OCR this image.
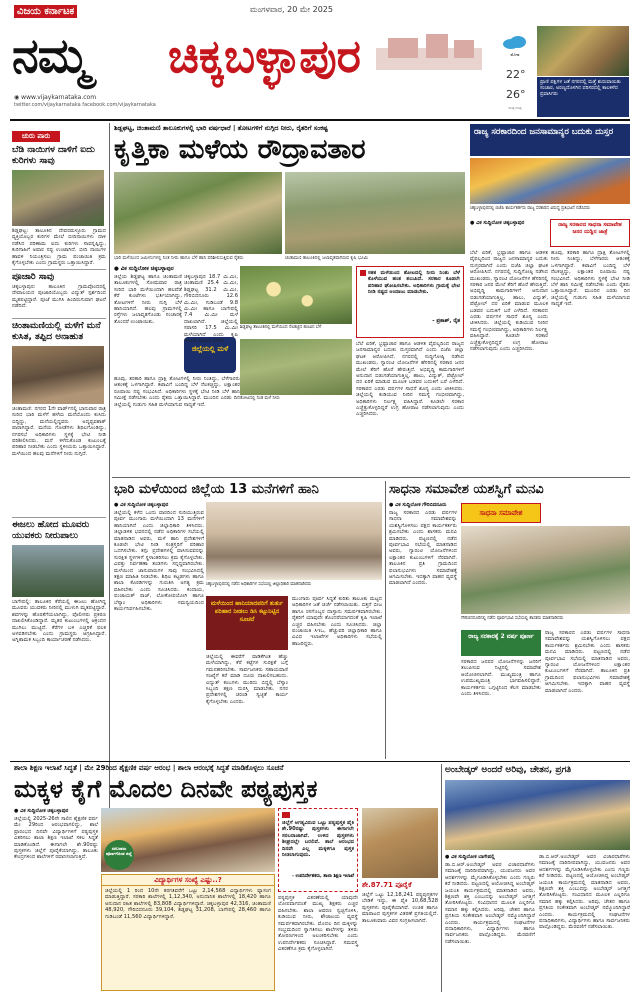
ವಿಜಯ ಕರ್ನಾಟಕ	ಮಂಗಳವಾರ, 20 ಮೇ 2025
ನಮ್ಮ ಚಿಕ್ಕಬಳ್ಳಾಪುರ
◉ www.vijaykarnataka.com
twitter.com/vijaykarnataka facebook.com/vijaykarnataka
ಮೋಡ
22°
26°
ಕನಿಷ್ಠ ಗರಿಷ್ಠ
ಪ್ರಾಣಿ ಪಕ್ಷಿಗಳ ಜತೆ ನಗರದಲ್ಲಿ ಮತ್ತೆ ಶುರುವಾಯಿತು ಸಂಚಾರ, ಅರಣ್ಯದೊಳಗಿನ ಪರಿಸರದಲ್ಲಿ ಕಾಲಕಳೆದ ಪ್ರವಾಸಿಗರು
ಚುರು ಪಾರು
ಬೆಡಿ ನಾಯಿಗಳ ದಾಳಿಗೆ ಐದು ಕುರಿಗಳು ಸಾವು
ಶಿಡ್ಲಘಟ್ಟ: ತಾಲೂಕಿನ ದೇವರಮಳ್ಳೂರು ಗ್ರಾಮದ ವ್ಯಕ್ತಿಯೊಬ್ಬರ ಕುರಿಗಳ ಮೇಲೆ ಬೀದಿನಾಯಿಗಳು ದಾಳಿ ನಡೆಸಿದ ಪರಿಣಾಮ ಐದು ಕುರಿಗಳು ಸಾವನ್ನಪ್ಪಿದ್ದು, ಕುರಿಗಾಹಿಗೆ ಅಪಾರ ನಷ್ಟ ಉಂಟಾಗಿದೆ. ಬೀದಿ ನಾಯಿಗಳ ಹಾವಳಿ ನಿಯಂತ್ರಿಸಲು ಗ್ರಾಮ ಪಂಚಾಯಿತಿ ಕ್ರಮ ಕೈಗೊಳ್ಳಬೇಕು ಎಂದು ಗ್ರಾಮಸ್ಥರು ಒತ್ತಾಯಿಸಿದ್ದಾರೆ.
ಪೂಜಾರಿ ಸಾವು
ಚಿಕ್ಕಬಳ್ಳಾಪುರ: ತಾಲೂಕಿನ ಗ್ರಾಮವೊಂದರಲ್ಲಿ ದೇವಾಲಯದ ಪೂಜಾರಿಯೊಬ್ಬರು ವಿದ್ಯುತ್ ಸ್ಪರ್ಶದಿಂದ ಮೃತಪಟ್ಟಿದ್ದಾರೆ. ಪೂಜೆ ಮುಗಿಸಿ ಹಿಂದಿರುಗುವಾಗ ಘಟನೆ ನಡೆದಿದೆ.
ಚಿಂತಾಮಣಿಯಲ್ಲಿ ಮಳೆಗೆ ಮನೆ ಕುಸಿತ, ತಪ್ಪಿದ ಅನಾಹುತ
ಚಿಂತಾಮಣಿ: ನಗರದ 1ನೇ ವಾರ್ಡ್‌ನಲ್ಲಿ ಭಾನುವಾರ ರಾತ್ರಿ ಸುರಿದ ಭಾರಿ ಮಳೆಗೆ ಹಳೆಯ ಮನೆಯೊಂದು ಕುಸಿದು ಬಿದ್ದಿದ್ದು, ಮನೆಯಲ್ಲಿದ್ದವರು ಅದೃಷ್ಟವಶಾತ್ ಪಾರಾಗಿದ್ದಾರೆ. ಮನೆಯ ಗೋಡೆಗಳು ಶಿಥಿಲಗೊಂಡಿದ್ದು, ನಗರಸಭೆ ಅಧಿಕಾರಿಗಳು ಸ್ಥಳಕ್ಕೆ ಭೇಟಿ ನೀಡಿ ಪರಿಶೀಲಿಸಿದರು. ಮನೆ ಕಳೆದುಕೊಂಡ ಕುಟುಂಬಕ್ಕೆ ಪರಿಹಾರ ನೀಡಬೇಕು ಎಂದು ಸ್ಥಳೀಯರು ಒತ್ತಾಯಿಸಿದ್ದಾರೆ. ಮಳೆಯಿಂದ ಹಲವು ಮನೆಗಳಿಗೆ ನೀರು ನುಗ್ಗಿದೆ.
ಈಜಲು ಹೋದ ಮೂವರು ಯುವಕರು ನೀರುಪಾಲು
ಬಾಗೇಪಲ್ಲಿ: ತಾಲೂಕಿನ ಕೆರೆಯಲ್ಲಿ ಈಜಲು ಹೋಗಿದ್ದ ಮೂವರು ಯುವಕರು ನೀರಿನಲ್ಲಿ ಮುಳುಗಿ ಮೃತಪಟ್ಟಿದ್ದಾರೆ. ಶವಗಳನ್ನು ಹೊರತೆಗೆಯಲಾಗಿದ್ದು, ಪೊಲೀಸರು ಪ್ರಕರಣ ದಾಖಲಿಸಿಕೊಂಡಿದ್ದಾರೆ. ಮೃತರ ಕುಟುಂಬಗಳಲ್ಲಿ ಆಕ್ರಂದನ ಮುಗಿಲು ಮುಟ್ಟಿದೆ. ಕೆರೆಗಳ ಬಳಿ ಎಚ್ಚರಿಕೆ ಫಲಕ ಅಳವಡಿಸಬೇಕು ಎಂದು ಗ್ರಾಮಸ್ಥರು ಆಗ್ರಹಿಸಿದ್ದಾರೆ. ಅಗ್ನಿಶಾಮಕ ಸಿಬ್ಬಂದಿ ಕಾರ್ಯಾಚರಣೆ ನಡೆಸಿದರು.
ಶಿಡ್ಲಘಟ್ಟ, ಚಿಂತಾಮಣಿ ತಾಲೂಕುಗಳಲ್ಲಿ ಭಾರಿ ವರ್ಷಧಾರೆ | ತೋಟಗಳಿಗೆ ನುಗ್ಗಿದ ನೀರು, ರೈತರಿಗೆ ಸಂಕಷ್ಟ
ಕೃತ್ತಿಕಾ ಮಳೆಯ ರೌದ್ರಾವತಾರ
ಭಾರಿ ಮಳೆಯಿಂದ ಜಮೀನುಗಳಲ್ಲಿ ನಿಂತ ನೀರು ಹಾಗೂ ಬೆಳೆ ಹಾನಿ ಪರಿಶೀಲಿಸುತ್ತಿರುವ ರೈತರು	ಚಿಂತಾಮಣಿ ತಾಲೂಕಿನಲ್ಲಿ ಜಲಾವೃತವಾಗಿರುವ ಕೃಷಿ ಭೂಮಿ
● ವಿಕ ಸುದ್ದಿಲೋಕ ಚಿಕ್ಕಬಳ್ಳಾಪುರ
ಜಿಲ್ಲೆಯ ಶಿಡ್ಲಘಟ್ಟ ಹಾಗೂ ಚಿಂತಾಮಣಿ ತಾಲೂಕುಗಳಲ್ಲಿ ಸೋಮವಾರ ರಾತ್ರಿ ಸುರಿದ ಭಾರಿ ಮಳೆಯಿಂದಾಗಿ ಹಲವೆಡೆ ಕೆರೆ ಕುಂಟೆಗಳು ಭರ್ತಿಯಾಗಿದ್ದು, ತೋಟಗಳಿಗೆ ನೀರು ನುಗ್ಗಿ ಬೆಳೆ ಹಾನಿಯಾಗಿದೆ. ಹಲವು ಗ್ರಾಮಗಳಲ್ಲಿ ರಸ್ತೆಗಳು ಜಲಾವೃತಗೊಂಡು ಸಂಚಾರಕ್ಕೆ ತೊಂದರೆ ಉಂಟಾಯಿತು.
ಜಿಲ್ಲೆಯಲ್ಲಿ ಮಳೆ
ಚಿಕ್ಕಬಳ್ಳಾಪುರ 18.7 ಮಿ.ಮೀ, ಚಿಂತಾಮಣಿ 25.4 ಮಿ.ಮೀ, ಶಿಡ್ಲಘಟ್ಟ 31.2 ಮಿ.ಮೀ, ಗೌರಿಬಿದನೂರು 12.6 ಮಿ.ಮೀ, ಗುಡಿಬಂಡೆ 9.8 ಮಿ.ಮೀ ಹಾಗೂ ಬಾಗೇಪಲ್ಲಿ 7.4 ಮಿ.ಮೀ ಮಳೆ ದಾಖಲಾಗಿದೆ. ಜಿಲ್ಲೆಯಲ್ಲಿ ಸರಾಸರಿ 17.5 ಮಿ.ಮೀ ಮಳೆಯಾಗಿದೆ ಎಂದು ಕೃಷಿ ಇಲಾಖೆ ಮಾಹಿತಿ ನೀಡಿದೆ.
ಹೂವು, ತರಕಾರಿ ಹಾಗೂ ದ್ರಾಕ್ಷಿ ತೋಟಗಳಲ್ಲಿ ನೀರು ನಿಂತಿದ್ದು, ಬೆಳೆಗಾರರು ಆತಂಕಕ್ಕೆ ಒಳಗಾಗಿದ್ದಾರೆ. ಕಟಾವಿಗೆ ಬಂದಿದ್ದ ಬೆಳೆ ನೆಲಕಚ್ಚಿದ್ದು, ಲಕ್ಷಾಂತರ ರೂಪಾಯಿ ನಷ್ಟ ಸಂಭವಿಸಿದೆ. ಅಧಿಕಾರಿಗಳು ಸ್ಥಳಕ್ಕೆ ಭೇಟಿ ನೀಡಿ ಬೆಳೆ ಹಾನಿ ಸಮೀಕ್ಷೆ ನಡೆಸಬೇಕು ಎಂದು ರೈತರು ಒತ್ತಾಯಿಸಿದ್ದಾರೆ. ಮುಂದಿನ ಎರಡು ದಿನ ಜಿಲ್ಲೆಯಲ್ಲಿ ಗುಡುಗು ಸಹಿತ ಮಳೆಯಾಗುವ ಸಾಧ್ಯತೆ ಇದೆ.
ಶಿಡ್ಲಘಟ್ಟ ತಾಲೂಕಿನಲ್ಲಿ ಮಳೆಯಿಂದ ನೆಲಕಚ್ಚಿದ ಹೂವಿನ ಬೆಳೆ
ತೋಟದಲ್ಲಿ ನಿಂತ ಮಳೆ ನೀರು
ಸತತ ಮಳೆಯಿಂದ ತೋಟದಲ್ಲಿ ನೀರು ನಿಂತು ಬೆಳೆ ಕೊಳೆಯುವ ಹಂತ ತಲುಪಿದೆ. ಸರಕಾರ ಕೂಡಲೇ ಪರಿಹಾರ ಘೋಷಿಸಬೇಕು. ಅಧಿಕಾರಿಗಳು ಗ್ರಾಮಕ್ಕೆ ಭೇಟಿ ನೀಡಿ ನಷ್ಟದ ಅಂದಾಜು ಮಾಡಬೇಕು.
- ಪ್ರಕಾಶ್, ರೈತ
ಬೆಲೆ ಏರಿಕೆ, ಭ್ರಷ್ಟಾಚಾರ ಹಾಗೂ ಆಡಳಿತ ವೈಫಲ್ಯದಿಂದ ರಾಜ್ಯದ ಜನಸಾಮಾನ್ಯರ ಬದುಕು ದುಸ್ತರವಾಗಿದೆ ಎಂದು ಬಿಜೆಪಿ ಜಿಲ್ಲಾ ಘಟಕ ಆರೋಪಿಸಿದೆ. ನಗರದಲ್ಲಿ ಸುದ್ದಿಗೋಷ್ಠಿ ನಡೆಸಿದ ಮುಖಂಡರು, ಗ್ಯಾರಂಟಿ ಯೋಜನೆಗಳ ಹೆಸರಿನಲ್ಲಿ ಸರಕಾರ ಜನರ ಮೇಲೆ ತೆರಿಗೆ ಹೊರೆ ಹೇರುತ್ತಿದೆ. ಅಭಿವೃದ್ಧಿ ಕಾಮಗಾರಿಗಳಿಗೆ ಅನುದಾನ ಬಿಡುಗಡೆಯಾಗುತ್ತಿಲ್ಲ. ಹಾಲು, ವಿದ್ಯುತ್, ಪೆಟ್ರೋಲ್ ದರ ಏರಿಕೆ ಮಾಡುವ ಮೂಲಕ ಬಡವರ ಬದುಕಿಗೆ ಬರೆ ಎಳೆದಿದೆ. ಸರಕಾರದ ಎರಡು ವರ್ಷಗಳ ಸಾಧನೆ ಶೂನ್ಯ ಎಂದು ಟೀಕಿಸಿದರು. ಜಿಲ್ಲೆಯಲ್ಲಿ ಕುಡಿಯುವ ನೀರಿನ ಸಮಸ್ಯೆ ಗಂಭೀರವಾಗಿದ್ದು, ಅಧಿಕಾರಿಗಳು ನಿರ್ಲಕ್ಷ್ಯ ವಹಿಸಿದ್ದಾರೆ. ಕೂಡಲೇ ಸರಕಾರ ಎಚ್ಚೆತ್ತುಕೊಳ್ಳದಿದ್ದರೆ ಉಗ್ರ ಹೋರಾಟ ನಡೆಸಲಾಗುವುದು ಎಂದು ಎಚ್ಚರಿಸಿದರು.
ರಾಜ್ಯ ಸರಕಾರದಿಂದ ಜನಸಾಮಾನ್ಯರ ಬದುಕು ದುಸ್ತರ
ಚಿಕ್ಕಬಳ್ಳಾಪುರದಲ್ಲಿ ಬಿಜೆಪಿ ಕಾರ್ಯಕರ್ತರು ರಾಜ್ಯ ಸರಕಾರದ ವಿರುದ್ಧ ಪ್ರತಿಭಟನೆ ನಡೆಸಿದರು
● ವಿಕ ಸುದ್ದಿಲೋಕ ಚಿಕ್ಕಬಳ್ಳಾಪುರ	ರಾಜ್ಯ ಸರಕಾರದ ಸಾಧನಾ ಸಮಾವೇಶ ಜನರ ದುಡ್ಡಿನ ಜಾತ್ರೆ
ಬೆಲೆ ಏರಿಕೆ, ಭ್ರಷ್ಟಾಚಾರ ಹಾಗೂ ಆಡಳಿತ ವೈಫಲ್ಯದಿಂದ ರಾಜ್ಯದ ಜನಸಾಮಾನ್ಯರ ಬದುಕು ದುಸ್ತರವಾಗಿದೆ ಎಂದು ಬಿಜೆಪಿ ಜಿಲ್ಲಾ ಘಟಕ ಆರೋಪಿಸಿದೆ. ನಗರದಲ್ಲಿ ಸುದ್ದಿಗೋಷ್ಠಿ ನಡೆಸಿದ ಮುಖಂಡರು, ಗ್ಯಾರಂಟಿ ಯೋಜನೆಗಳ ಹೆಸರಿನಲ್ಲಿ ಸರಕಾರ ಜನರ ಮೇಲೆ ತೆರಿಗೆ ಹೊರೆ ಹೇರುತ್ತಿದೆ. ಅಭಿವೃದ್ಧಿ ಕಾಮಗಾರಿಗಳಿಗೆ ಅನುದಾನ ಬಿಡುಗಡೆಯಾಗುತ್ತಿಲ್ಲ. ಹಾಲು, ವಿದ್ಯುತ್, ಪೆಟ್ರೋಲ್ ದರ ಏರಿಕೆ ಮಾಡುವ ಮೂಲಕ ಬಡವರ ಬದುಕಿಗೆ ಬರೆ ಎಳೆದಿದೆ. ಸರಕಾರದ ಎರಡು ವರ್ಷಗಳ ಸಾಧನೆ ಶೂನ್ಯ ಎಂದು ಟೀಕಿಸಿದರು. ಜಿಲ್ಲೆಯಲ್ಲಿ ಕುಡಿಯುವ ನೀರಿನ ಸಮಸ್ಯೆ ಗಂಭೀರವಾಗಿದ್ದು, ಅಧಿಕಾರಿಗಳು ನಿರ್ಲಕ್ಷ್ಯ ವಹಿಸಿದ್ದಾರೆ. ಕೂಡಲೇ ಸರಕಾರ ಎಚ್ಚೆತ್ತುಕೊಳ್ಳದಿದ್ದರೆ ಉಗ್ರ ಹೋರಾಟ ನಡೆಸಲಾಗುವುದು ಎಂದು ಎಚ್ಚರಿಸಿದರು.
ಹೂವು, ತರಕಾರಿ ಹಾಗೂ ದ್ರಾಕ್ಷಿ ತೋಟಗಳಲ್ಲಿ ನೀರು ನಿಂತಿದ್ದು, ಬೆಳೆಗಾರರು ಆತಂಕಕ್ಕೆ ಒಳಗಾಗಿದ್ದಾರೆ. ಕಟಾವಿಗೆ ಬಂದಿದ್ದ ಬೆಳೆ ನೆಲಕಚ್ಚಿದ್ದು, ಲಕ್ಷಾಂತರ ರೂಪಾಯಿ ನಷ್ಟ ಸಂಭವಿಸಿದೆ. ಅಧಿಕಾರಿಗಳು ಸ್ಥಳಕ್ಕೆ ಭೇಟಿ ನೀಡಿ ಬೆಳೆ ಹಾನಿ ಸಮೀಕ್ಷೆ ನಡೆಸಬೇಕು ಎಂದು ರೈತರು ಒತ್ತಾಯಿಸಿದ್ದಾರೆ. ಮುಂದಿನ ಎರಡು ದಿನ ಜಿಲ್ಲೆಯಲ್ಲಿ ಗುಡುಗು ಸಹಿತ ಮಳೆಯಾಗುವ ಸಾಧ್ಯತೆ ಇದೆ.
ಭಾರಿ ಮಳೆಯಿಂದ ಜಿಲ್ಲೆಯ 13 ಮನೆಗಳಿಗೆ ಹಾನಿ
● ವಿಕ ಸುದ್ದಿಲೋಕ ಚಿಕ್ಕಬಳ್ಳಾಪುರ
ಜಿಲ್ಲೆಯಲ್ಲಿ ಕಳೆದ ಒಂದು ವಾರದಿಂದ ಸುರಿಯುತ್ತಿರುವ ಪೂರ್ವ ಮುಂಗಾರು ಮಳೆಯಿಂದಾಗಿ 13 ಮನೆಗಳಿಗೆ ಹಾನಿಯಾಗಿದೆ ಎಂದು ಜಿಲ್ಲಾಧಿಕಾರಿ ತಿಳಿಸಿದರು. ಜಿಲ್ಲಾಡಳಿತ ಭವನದಲ್ಲಿ ನಡೆದ ಅಧಿಕಾರಿಗಳ ಸಭೆಯಲ್ಲಿ ಮಾತನಾಡಿದ ಅವರು, ಮಳೆ ಹಾನಿ ಪ್ರದೇಶಗಳಿಗೆ ಕೂಡಲೇ ಭೇಟಿ ನೀಡಿ ಸಂತ್ರಸ್ತರಿಗೆ ಪರಿಹಾರ ಒದಗಿಸಬೇಕು. ತಗ್ಗು ಪ್ರದೇಶಗಳಲ್ಲಿ ವಾಸಿಸುವವರನ್ನು ಸುರಕ್ಷಿತ ಸ್ಥಳಗಳಿಗೆ ಸ್ಥಳಾಂತರಿಸಲು ಕ್ರಮ ಕೈಗೊಳ್ಳಬೇಕು. ವಿಪತ್ತು ನಿರ್ವಹಣಾ ತಂಡಗಳು ಸನ್ನದ್ಧವಾಗಿರಬೇಕು. ಮಳೆಯಿಂದ ಜಾನುವಾರುಗಳ ಸಾವು ಸಂಭವಿಸಿದಲ್ಲಿ ತಕ್ಷಣ ಮಾಹಿತಿ ನೀಡಬೇಕು. ಶಿಥಿಲ ಕಟ್ಟಡಗಳು ಹಾಗೂ ಶಾಲಾ ಕೊಠಡಿಗಳನ್ನು ಗುರುತಿಸಿ ಅಗತ್ಯ ಕ್ರಮ ವಹಿಸಬೇಕು ಎಂದು ಸೂಚಿಸಿದರು. ಕಂದಾಯ, ಪಂಚಾಯತ್ ರಾಜ್, ಲೋಕೋಪಯೋಗಿ ಹಾಗೂ ಬೆಸ್ಕಾಂ ಅಧಿಕಾರಿಗಳು ಸಮನ್ವಯದಿಂದ ಕಾರ್ಯನಿರ್ವಹಿಸಬೇಕು.
ಚಿಕ್ಕಬಳ್ಳಾಪುರದಲ್ಲಿ ನಡೆದ ಅಧಿಕಾರಿಗಳ ಸಭೆಯಲ್ಲಿ ಜಿಲ್ಲಾಧಿಕಾರಿ ಮಾತನಾಡಿದರು
ಮಳೆಯಿಂದ ಹಾನಿಯಾದವರಿಗೆ ತುರ್ತು ಪರಿಹಾರ ನೀಡಲು ಡಿಸಿ ಕಟ್ಟುನಿಟ್ಟಿನ ಸೂಚನೆ
ಜಿಲ್ಲೆಯಲ್ಲಿ ಈವರೆಗೆ ವಾಡಿಕೆಗಿಂತ ಹೆಚ್ಚು ಮಳೆಯಾಗಿದ್ದು, ಕೆರೆ ಕಟ್ಟೆಗಳ ಸುರಕ್ಷತೆ ಬಗ್ಗೆ ಗಮನಹರಿಸಬೇಕು. ಸಾರ್ವಜನಿಕರು ಸಹಾಯವಾಣಿ ಸಂಖ್ಯೆಗೆ ಕರೆ ಮಾಡಿ ದೂರು ದಾಖಲಿಸಬಹುದು. ವಿದ್ಯುತ್ ಕಂಬಗಳು ಮುರಿದು ಬಿದ್ದಲ್ಲಿ ಬೆಸ್ಕಾಂ ಸಿಬ್ಬಂದಿ ತಕ್ಷಣ ದುರಸ್ತಿ ಮಾಡಬೇಕು. ನಗರ ಪ್ರದೇಶಗಳಲ್ಲಿ ಚರಂಡಿ ಸ್ವಚ್ಛತೆ ಕಾರ್ಯ ಕೈಗೊಳ್ಳಬೇಕು ಎಂದರು.
ಮುಂಗಾರು ಪೂರ್ವ ಸಿದ್ಧತೆ ಕುರಿತು ತಾಲೂಕು ಮಟ್ಟದ ಅಧಿಕಾರಿಗಳ ಜತೆ ಚರ್ಚೆ ನಡೆಸಲಾಯಿತು. ಬಿತ್ತನೆ ಬೀಜ ಹಾಗೂ ರಸಗೊಬ್ಬರ ದಾಸ್ತಾನು ಸಮರ್ಪಕವಾಗಿರಬೇಕು. ರೈತರಿಗೆ ಯಾವುದೇ ತೊಂದರೆಯಾಗದಂತೆ ಕೃಷಿ ಇಲಾಖೆ ಎಚ್ಚರ ವಹಿಸಬೇಕು ಎಂದು ಸೂಚಿಸಿದರು. ಜಿಲ್ಲಾ ಪಂಚಾಯಿತಿ ಸಿಇಒ, ಹೆಚ್ಚುವರಿ ಜಿಲ್ಲಾಧಿಕಾರಿ ಹಾಗೂ ವಿವಿಧ ಇಲಾಖೆಗಳ ಅಧಿಕಾರಿಗಳು ಸಭೆಯಲ್ಲಿ ಹಾಜರಿದ್ದರು.
ಸಾಧನಾ ಸಮಾವೇಶ ಯಶಸ್ವಿಗೆ ಮನವಿ
● ವಿಕ ಸುದ್ದಿಲೋಕ ಗೌರಿಬಿದನೂರು
ರಾಜ್ಯ ಸರಕಾರದ ಎರಡು ವರ್ಷಗಳ ಸಾಧನಾ ಸಮಾವೇಶವನ್ನು ಯಶಸ್ವಿಗೊಳಿಸಲು ಪಕ್ಷದ ಕಾರ್ಯಕರ್ತರು ಶ್ರಮಿಸಬೇಕು ಎಂದು ಶಾಸಕರು ಮನವಿ ಮಾಡಿದರು. ಪಟ್ಟಣದಲ್ಲಿ ನಡೆದ ಪೂರ್ವಭಾವಿ ಸಭೆಯಲ್ಲಿ ಮಾತನಾಡಿದ ಅವರು, ಗ್ಯಾರಂಟಿ ಯೋಜನೆಗಳಿಂದ ಲಕ್ಷಾಂತರ ಕುಟುಂಬಗಳಿಗೆ ನೆರವಾಗಿದೆ. ತಾಲೂಕಿನ ಪ್ರತಿ ಗ್ರಾಮದಿಂದ ಫಲಾನುಭವಿಗಳು ಸಮಾವೇಶಕ್ಕೆ ಆಗಮಿಸಬೇಕು. ಇದಕ್ಕಾಗಿ ವಾಹನ ವ್ಯವಸ್ಥೆ ಮಾಡಲಾಗಿದೆ ಎಂದರು.
ಸಾಧನಾ ಸಮಾವೇಶ
ಗೌರಿಬಿದನೂರಿನಲ್ಲಿ ನಡೆದ ಪೂರ್ವಭಾವಿ ಸಭೆಯಲ್ಲಿ ಶಾಸಕರು ಮಾತನಾಡಿದರು
ರಾಜ್ಯ ಸರಕಾರಕ್ಕೆ 2 ವರ್ಷ ಪೂರ್ಣ
ಸರಕಾರದ ಜನಪರ ಯೋಜನೆಗಳನ್ನು ಜನರಿಗೆ ತಲುಪಿಸುವ ನಿಟ್ಟಿನಲ್ಲಿ ಸಮಾವೇಶ ಆಯೋಜಿಸಲಾಗಿದೆ. ಮುಖ್ಯಮಂತ್ರಿ ಹಾಗೂ ಉಪಮುಖ್ಯಮಂತ್ರಿ ಭಾಗವಹಿಸಲಿದ್ದಾರೆ. ಕಾರ್ಯಕರ್ತರು ಒಗ್ಗಟ್ಟಿನಿಂದ ಕೆಲಸ ಮಾಡಬೇಕು ಎಂದು ತಿಳಿಸಿದರು.
ರಾಜ್ಯ ಸರಕಾರದ ಎರಡು ವರ್ಷಗಳ ಸಾಧನಾ ಸಮಾವೇಶವನ್ನು ಯಶಸ್ವಿಗೊಳಿಸಲು ಪಕ್ಷದ ಕಾರ್ಯಕರ್ತರು ಶ್ರಮಿಸಬೇಕು ಎಂದು ಶಾಸಕರು ಮನವಿ ಮಾಡಿದರು. ಪಟ್ಟಣದಲ್ಲಿ ನಡೆದ ಪೂರ್ವಭಾವಿ ಸಭೆಯಲ್ಲಿ ಮಾತನಾಡಿದ ಅವರು, ಗ್ಯಾರಂಟಿ ಯೋಜನೆಗಳಿಂದ ಲಕ್ಷಾಂತರ ಕುಟುಂಬಗಳಿಗೆ ನೆರವಾಗಿದೆ. ತಾಲೂಕಿನ ಪ್ರತಿ ಗ್ರಾಮದಿಂದ ಫಲಾನುಭವಿಗಳು ಸಮಾವೇಶಕ್ಕೆ ಆಗಮಿಸಬೇಕು. ಇದಕ್ಕಾಗಿ ವಾಹನ ವ್ಯವಸ್ಥೆ ಮಾಡಲಾಗಿದೆ ಎಂದರು.
ಶಾಲಾ ಶಿಕ್ಷಣ ಇಲಾಖೆ ಸಿದ್ಧತೆ | ಮೇ 29ರಿಂದ ಶೈಕ್ಷಣಿಕ ವರ್ಷ ಆರಂಭ | ಶಾಲಾ ಆರಂಭಕ್ಕೆ ಸಿದ್ಧತೆ ಮಾಡಿಕೊಳ್ಳಲು ಸೂಚನೆ
ಮಕ್ಕಳ ಕೈಗೆ ಮೊದಲ ದಿನವೇ ಪಠ್ಯಪುಸ್ತಕ
● ವಿಕ ಸುದ್ದಿಲೋಕ ಚಿಕ್ಕಬಳ್ಳಾಪುರ
ಜಿಲ್ಲೆಯಲ್ಲಿ 2025-26ನೇ ಸಾಲಿನ ಶೈಕ್ಷಣಿಕ ವರ್ಷ ಮೇ 29ರಿಂದ ಆರಂಭವಾಗಲಿದ್ದು, ಶಾಲೆ ಪ್ರಾರಂಭದ ದಿನವೇ ವಿದ್ಯಾರ್ಥಿಗಳಿಗೆ ಪಠ್ಯಪುಸ್ತಕ ವಿತರಿಸಲು ಶಾಲಾ ಶಿಕ್ಷಣ ಇಲಾಖೆ ಸಕಲ ಸಿದ್ಧತೆ ಮಾಡಿಕೊಂಡಿದೆ. ಈಗಾಗಲೇ ಶೇ.90ರಷ್ಟು ಪುಸ್ತಕಗಳು ಜಿಲ್ಲೆಗೆ ಪೂರೈಕೆಯಾಗಿದ್ದು, ತಾಲೂಕು ಕೇಂದ್ರಗಳಿಂದ ಶಾಲೆಗಳಿಗೆ ರವಾನಿಸಲಾಗುತ್ತಿದೆ.
ಸರಬರಾಜು ಪೂರ್ಣಗೊಂಡ ಜಿಲ್ಲೆ
ವಿದ್ಯಾರ್ಥಿಗಳ ಸಂಖ್ಯೆ ಎಷ್ಟು..?
ಜಿಲ್ಲೆಯಲ್ಲಿ 1 ರಿಂದ 10ನೇ ತರಗತಿವರೆಗೆ ಒಟ್ಟು 2,14,568 ವಿದ್ಯಾರ್ಥಿಗಳು ವ್ಯಾಸಂಗ ಮಾಡುತ್ತಿದ್ದಾರೆ. ಸರಕಾರಿ ಶಾಲೆಗಳಲ್ಲಿ 1,12,340, ಅನುದಾನಿತ ಶಾಲೆಗಳಲ್ಲಿ 18,420 ಹಾಗೂ ಅನುದಾನ ರಹಿತ ಶಾಲೆಗಳಲ್ಲಿ 83,808 ವಿದ್ಯಾರ್ಥಿಗಳಿದ್ದಾರೆ. ಚಿಕ್ಕಬಳ್ಳಾಪುರ 42,316, ಚಿಂತಾಮಣಿ 48,920, ಗೌರಿಬಿದನೂರು 39,104, ಶಿಡ್ಲಘಟ್ಟ 31,208, ಬಾಗೇಪಲ್ಲಿ 28,460 ಹಾಗೂ ಗುಡಿಬಂಡೆ 11,560 ವಿದ್ಯಾರ್ಥಿಗಳಿದ್ದಾರೆ.
ಜಿಲ್ಲೆಗೆ ಅಗತ್ಯವಿರುವ ಒಟ್ಟು ಪಠ್ಯಪುಸ್ತಕ ಪೈಕಿ ಶೇ.90ರಷ್ಟು ಪುಸ್ತಕಗಳು ಈಗಾಗಲೇ ಸರಬರಾಜಾಗಿವೆ. ಉಳಿದ ಪುಸ್ತಕಗಳು ಶೀಘ್ರದಲ್ಲೇ ಬರಲಿವೆ. ಶಾಲೆ ಆರಂಭದ ದಿನವೇ ಎಲ್ಲ ಮಕ್ಕಳಿಗೂ ಪುಸ್ತಕ ನೀಡಲಾಗುವುದು.
- ಉಪನಿರ್ದೇಶಕರು, ಶಾಲಾ ಶಿಕ್ಷಣ ಇಲಾಖೆ
ಪಠ್ಯಪುಸ್ತಕ ವಿತರಣೆಯಲ್ಲಿ ಯಾವುದೇ ಲೋಪವಾಗದಂತೆ ಮುಖ್ಯ ಶಿಕ್ಷಕರು ಎಚ್ಚರ ವಹಿಸಬೇಕು. ಶಾಲಾ ಆವರಣ ಸ್ವಚ್ಛಗೊಳಿಸಿ, ಕುಡಿಯುವ ನೀರು, ಶೌಚಾಲಯ ವ್ಯವಸ್ಥೆ ಸಮರ್ಪಕವಾಗಿರಬೇಕು. ಮೊದಲ ದಿನ ಮಕ್ಕಳನ್ನು ಸಂಭ್ರಮದಿಂದ ಸ್ವಾಗತಿಸಲು ಶಾಲೆಗಳನ್ನು ತಳಿರು ತೋರಣಗಳಿಂದ ಅಲಂಕರಿಸಬೇಕು ಎಂದು ಉಪನಿರ್ದೇಶಕರು ಸೂಚಿಸಿದ್ದಾರೆ. ಸಮವಸ್ತ್ರ ವಿತರಣೆಗೂ ಕ್ರಮ ಕೈಗೊಳ್ಳಲಾಗಿದೆ.
ಶೇ.87.71 ಪೂರೈಕೆ
ಜಿಲ್ಲೆಗೆ ಒಟ್ಟು 12,18,241 ಪಠ್ಯಪುಸ್ತಕಗಳ ಬೇಡಿಕೆ ಇದ್ದು, ಈ ಪೈಕಿ 10,68,528 ಪುಸ್ತಕಗಳು ಪೂರೈಕೆಯಾಗಿವೆ. ಉಚಿತ ಹಾಗೂ ಮಾರಾಟದ ಪುಸ್ತಕಗಳ ವಿತರಣೆ ಪ್ರಗತಿಯಲ್ಲಿದೆ. ತಾಲೂಕುವಾರು ವಿವರ ಸಂಗ್ರಹಿಸಲಾಗಿದೆ.
ಅಂಬೇಡ್ಕರ್ ಅಂದರೆ ಅರಿವು, ಚೇತನ, ಪ್ರಗತಿ
● ವಿಕ ಸುದ್ದಿಲೋಕ ಬಾಗೇಪಲ್ಲಿ
ಡಾ.ಬಿ.ಆರ್.ಅಂಬೇಡ್ಕರ್ ಅವರ ವಿಚಾರಧಾರೆಗಳು ಸಮಾಜಕ್ಕೆ ದಾರಿದೀಪವಾಗಿದ್ದು, ಯುವಜನರು ಅವರ ಆದರ್ಶಗಳನ್ನು ಮೈಗೂಡಿಸಿಕೊಳ್ಳಬೇಕು ಎಂದು ಗಣ್ಯರು ಕರೆ ನೀಡಿದರು. ಪಟ್ಟಣದಲ್ಲಿ ಆಯೋಜಿಸಿದ್ದ ಅಂಬೇಡ್ಕರ್ ಜಯಂತಿ ಕಾರ್ಯಕ್ರಮದಲ್ಲಿ ಮಾತನಾಡಿದ ಅವರು, ಶಿಕ್ಷಣವೇ ಶಕ್ತಿ ಎಂಬುದನ್ನು ಅಂಬೇಡ್ಕರ್ ಜಗತ್ತಿಗೆ ತೋರಿಸಿಕೊಟ್ಟರು. ಸಂವಿಧಾನದ ಮೂಲಕ ಎಲ್ಲರಿಗೂ ಸಮಾನ ಹಕ್ಕು ಕಲ್ಪಿಸಿದರು. ಅರಿವು, ಚೇತನ ಹಾಗೂ ಪ್ರಗತಿಯ ಸಂಕೇತವಾಗಿ ಅಂಬೇಡ್ಕರ್ ನಮ್ಮೊಂದಿಗಿದ್ದಾರೆ ಎಂದರು. ಕಾರ್ಯಕ್ರಮದಲ್ಲಿ ಸಂಘಟನೆಗಳ ಪದಾಧಿಕಾರಿಗಳು, ವಿದ್ಯಾರ್ಥಿಗಳು ಹಾಗೂ ಸಾರ್ವಜನಿಕರು ಪಾಲ್ಗೊಂಡಿದ್ದರು. ಮೆರವಣಿಗೆ ನಡೆಸಲಾಯಿತು.
ಡಾ.ಬಿ.ಆರ್.ಅಂಬೇಡ್ಕರ್ ಅವರ ವಿಚಾರಧಾರೆಗಳು ಸಮಾಜಕ್ಕೆ ದಾರಿದೀಪವಾಗಿದ್ದು, ಯುವಜನರು ಅವರ ಆದರ್ಶಗಳನ್ನು ಮೈಗೂಡಿಸಿಕೊಳ್ಳಬೇಕು ಎಂದು ಗಣ್ಯರು ಕರೆ ನೀಡಿದರು. ಪಟ್ಟಣದಲ್ಲಿ ಆಯೋಜಿಸಿದ್ದ ಅಂಬೇಡ್ಕರ್ ಜಯಂತಿ ಕಾರ್ಯಕ್ರಮದಲ್ಲಿ ಮಾತನಾಡಿದ ಅವರು, ಶಿಕ್ಷಣವೇ ಶಕ್ತಿ ಎಂಬುದನ್ನು ಅಂಬೇಡ್ಕರ್ ಜಗತ್ತಿಗೆ ತೋರಿಸಿಕೊಟ್ಟರು. ಸಂವಿಧಾನದ ಮೂಲಕ ಎಲ್ಲರಿಗೂ ಸಮಾನ ಹಕ್ಕು ಕಲ್ಪಿಸಿದರು. ಅರಿವು, ಚೇತನ ಹಾಗೂ ಪ್ರಗತಿಯ ಸಂಕೇತವಾಗಿ ಅಂಬೇಡ್ಕರ್ ನಮ್ಮೊಂದಿಗಿದ್ದಾರೆ ಎಂದರು. ಕಾರ್ಯಕ್ರಮದಲ್ಲಿ ಸಂಘಟನೆಗಳ ಪದಾಧಿಕಾರಿಗಳು, ವಿದ್ಯಾರ್ಥಿಗಳು ಹಾಗೂ ಸಾರ್ವಜನಿಕರು ಪಾಲ್ಗೊಂಡಿದ್ದರು. ಮೆರವಣಿಗೆ ನಡೆಸಲಾಯಿತು.
